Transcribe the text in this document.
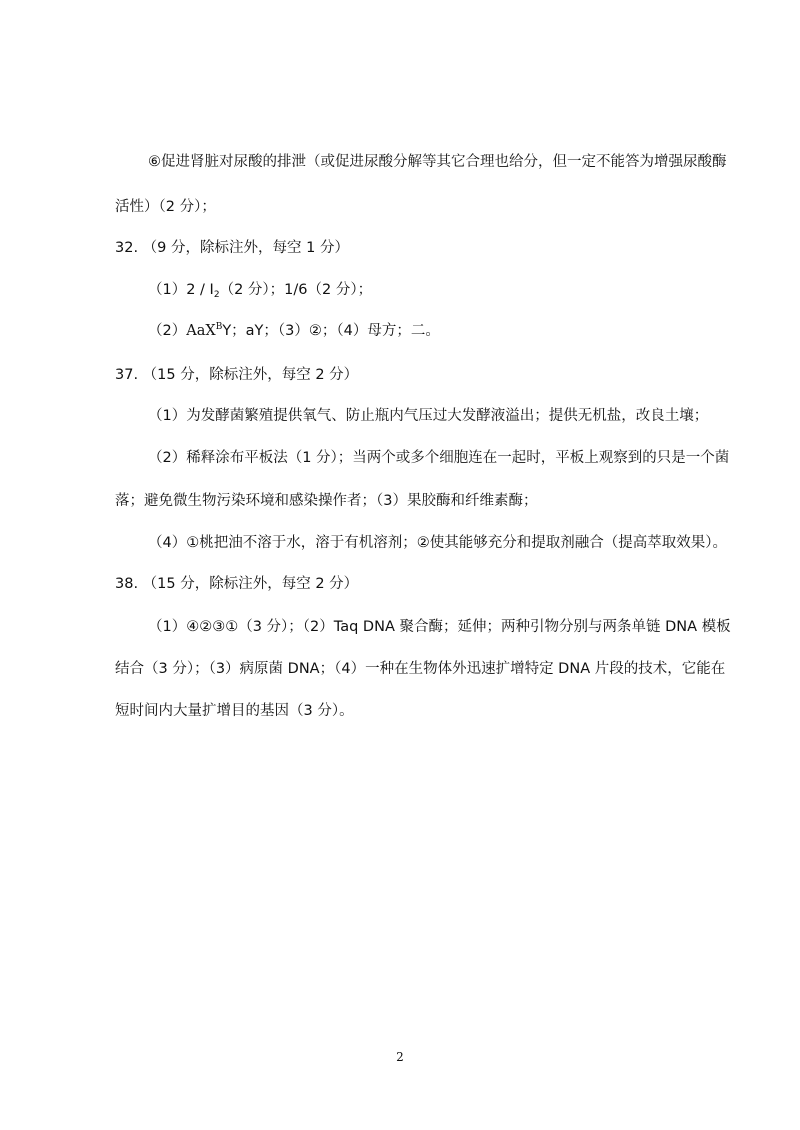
⑥促进肾脏对尿酸的排泄（或促进尿酸分解等其它合理也给分，但一定不能答为增强尿酸酶
活性）（2 分）；
32. （9 分，除标注外，每空 1 分）
$(1)2 / I_2(2$ 分）；1/6（2 分）；
（2）AaX$^B$Y；aY；（3）②；（4）母方；二。
37. （15 分，除标注外，每空 2 分）
（1）为发酵菌繁殖提供氧气、防止瓶内气压过大发酵液溢出；提供无机盐，改良土壤；
（2）稀释涂布平板法（1 分）；当两个或多个细胞连在一起时，平板上观察到的只是一个菌
落；避免微生物污染环境和感染操作者；（3）果胶酶和纤维素酶；
（4）①桃把油不溶于水，溶于有机溶剂；②使其能够充分和提取剂融合（提高萃取效果）。
38. （15 分，除标注外，每空 2 分）
（1）④②③①（3 分）；（2）Taq DNA 聚合酶；延伸；两种引物分别与两条单链 DNA 模板
结合（3 分）；（3）病原菌 DNA；（4）一种在生物体外迅速扩增特定 DNA 片段的技术，它能在
短时间内大量扩增目的基因（3 分）。
2
